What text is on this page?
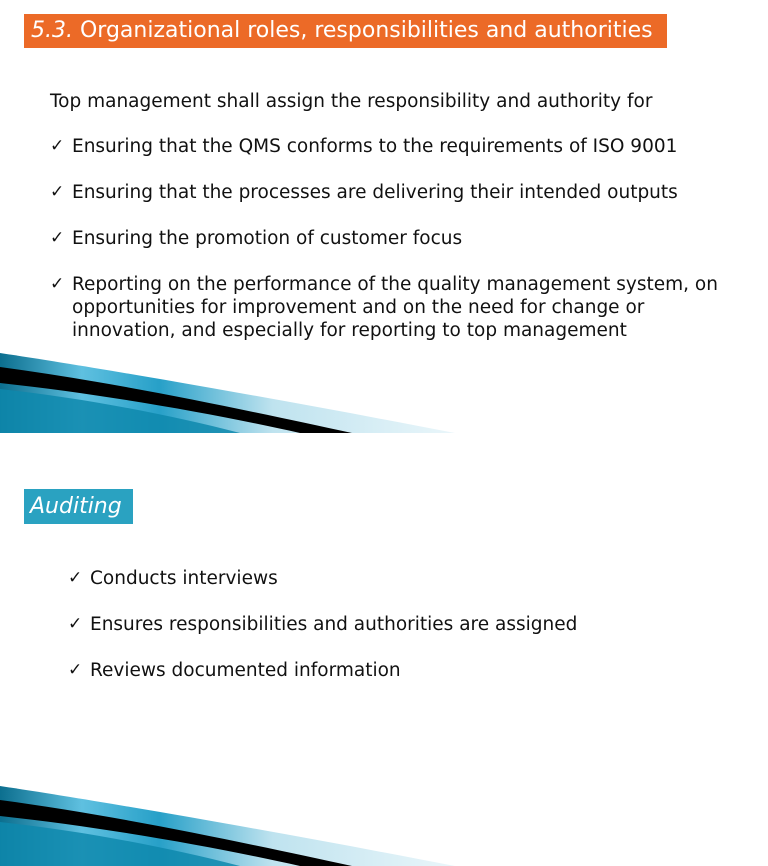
5.3. Organizational roles, responsibilities and authorities
Top management shall assign the responsibility and authority for
✓ Ensuring that the QMS conforms to the requirements of ISO 9001
✓ Ensuring that the processes are delivering their intended outputs
✓ Ensuring the promotion of customer focus
✓ Reporting on the performance of the quality management system, on opportunities for improvement and on the need for change or innovation, and especially for reporting to top management
Auditing
✓ Conducts interviews
✓ Ensures responsibilities and authorities are assigned
✓ Reviews documented information
